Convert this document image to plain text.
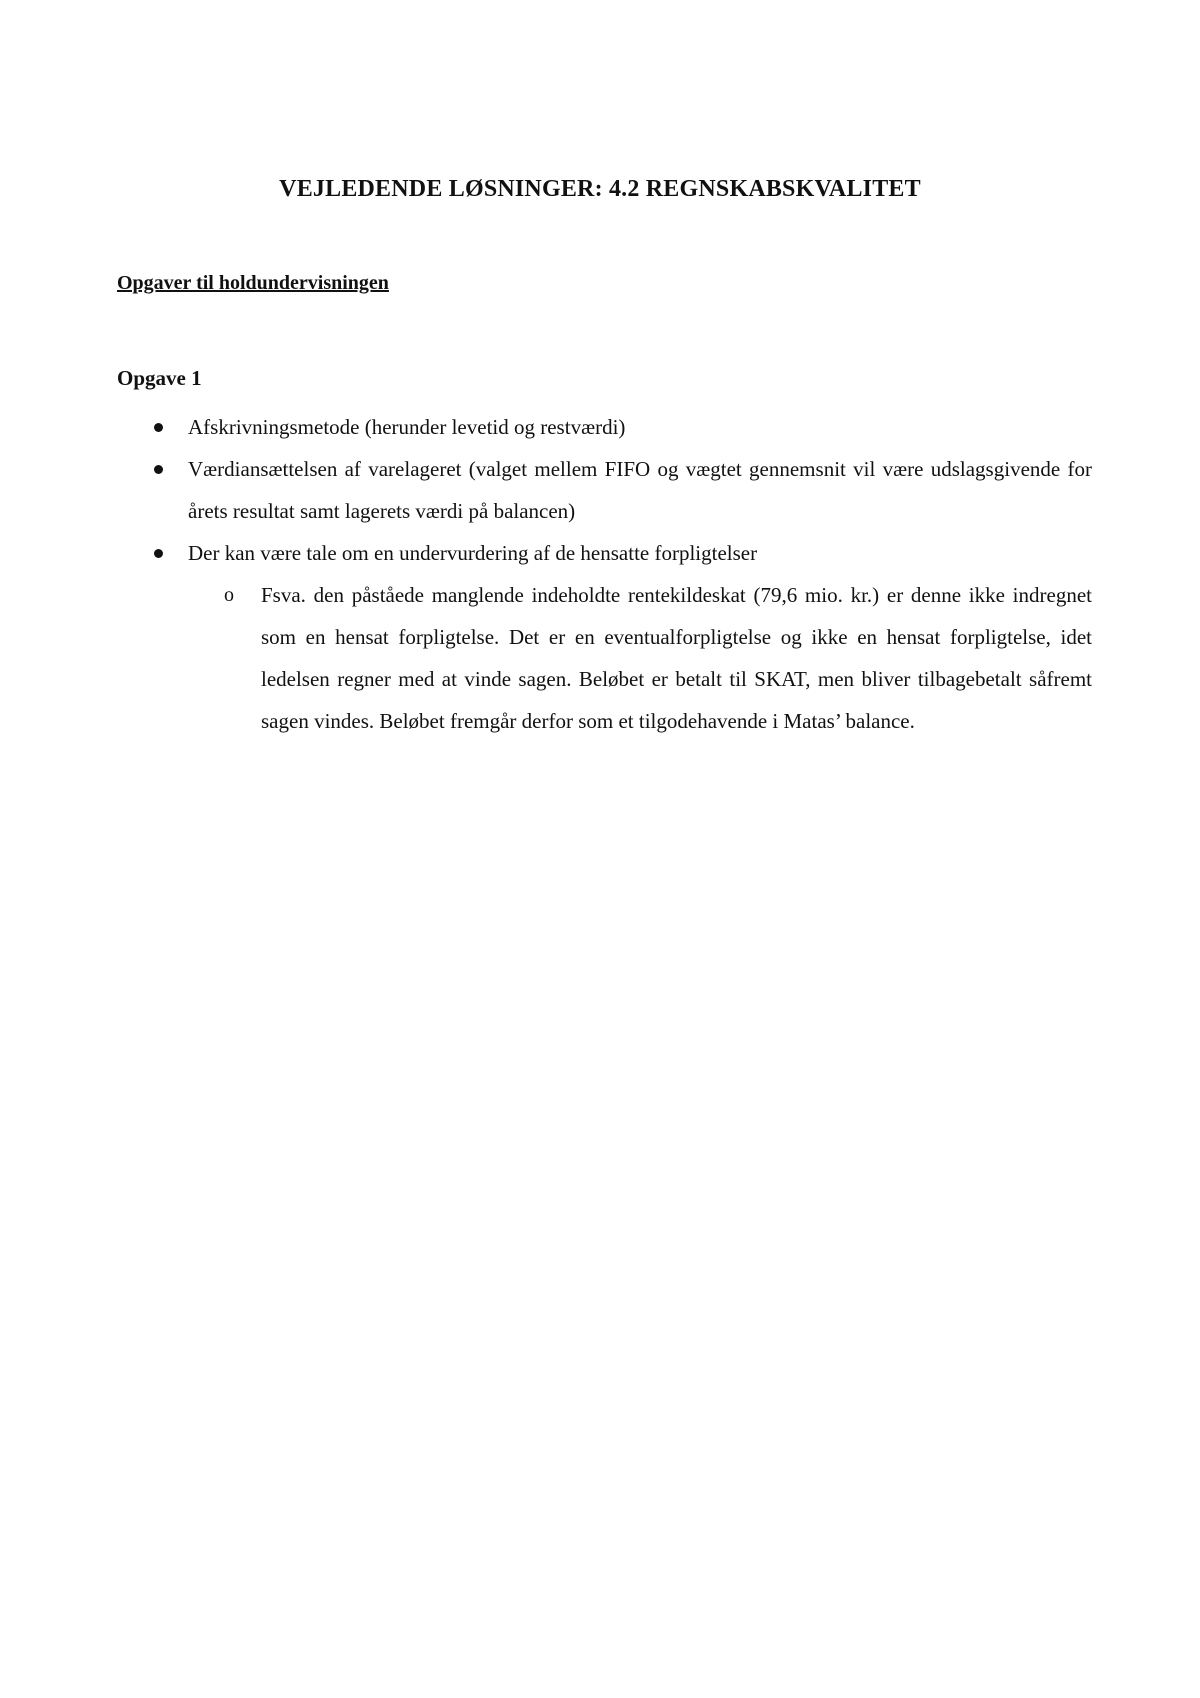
VEJLEDENDE LØSNINGER: 4.2 REGNSKABSKVALITET
Opgaver til holdundervisningen
Opgave 1
Afskrivningsmetode (herunder levetid og restværdi)
Værdiansættelsen af varelageret (valget mellem FIFO og vægtet gennemsnit vil være udslagsgivende for årets resultat samt lagerets værdi på balancen)
Der kan være tale om en undervurdering af de hensatte forpligtelser
o Fsva. den påståede manglende indeholdte rentekildeskat (79,6 mio. kr.) er denne ikke indregnet som en hensat forpligtelse. Det er en eventualforpligtelse og ikke en hensat forpligtelse, idet ledelsen regner med at vinde sagen. Beløbet er betalt til SKAT, men bliver tilbagebetalt såfremt sagen vindes. Beløbet fremgår derfor som et tilgodehavende i Matas’ balance.
